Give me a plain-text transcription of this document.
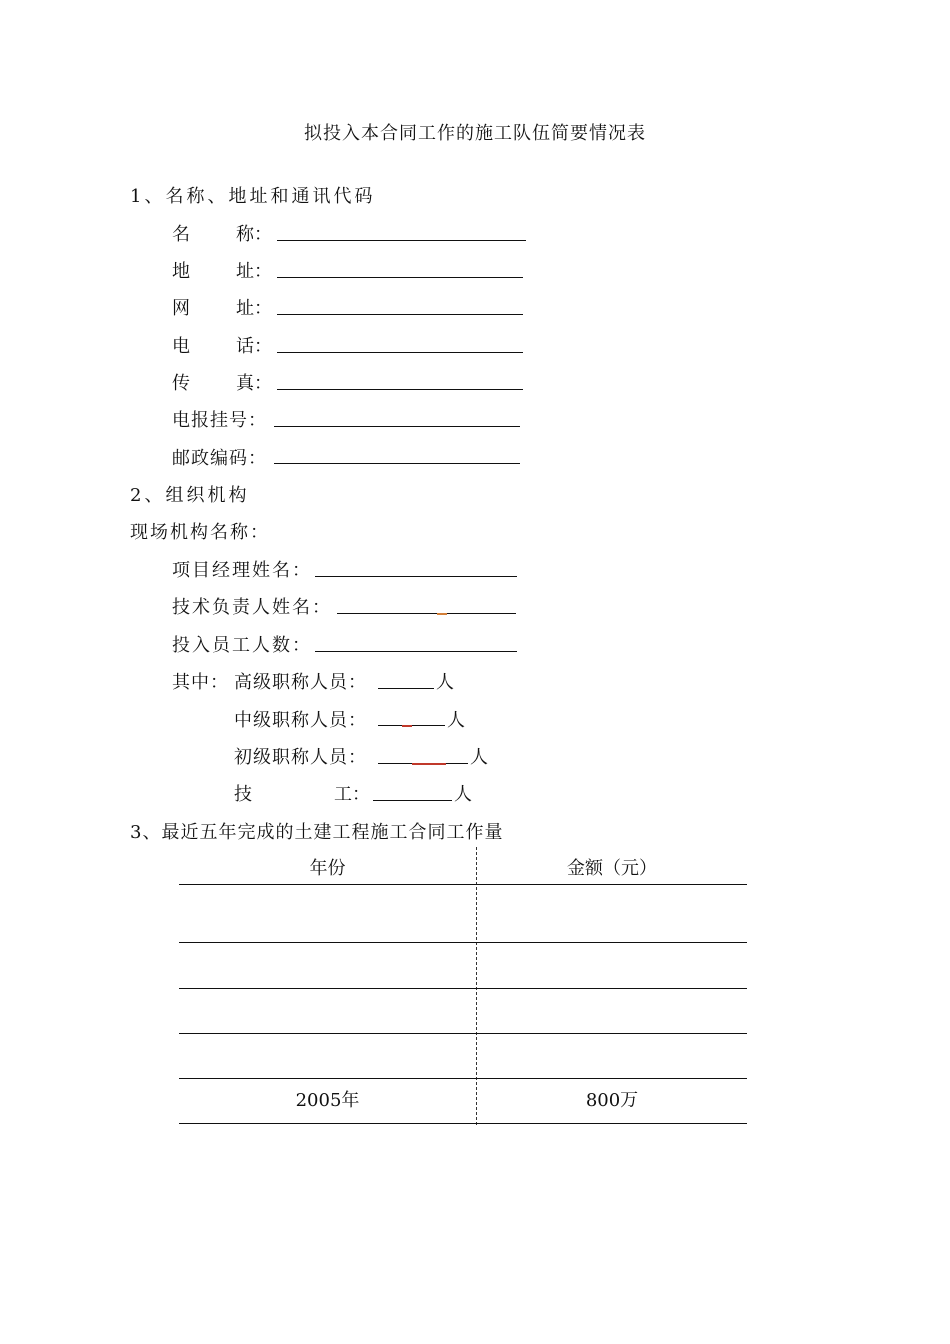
拟投入本合同工作的施工队伍简要情况表
1、名称、地址和通讯代码
名	称：
地	址：
网	址：
电	话：
传	真：
电报挂号：
邮政编码：
2、组织机构
现场机构名称：
项目经理姓名：
技术负责人姓名：
投入员工人数：
其中： 高级职称人员：	人
中级职称人员：	人
初级职称人员：	人
技	工：	人
3、最近五年完成的土建工程施工合同工作量
年份	金额（元）
2005年	800万
